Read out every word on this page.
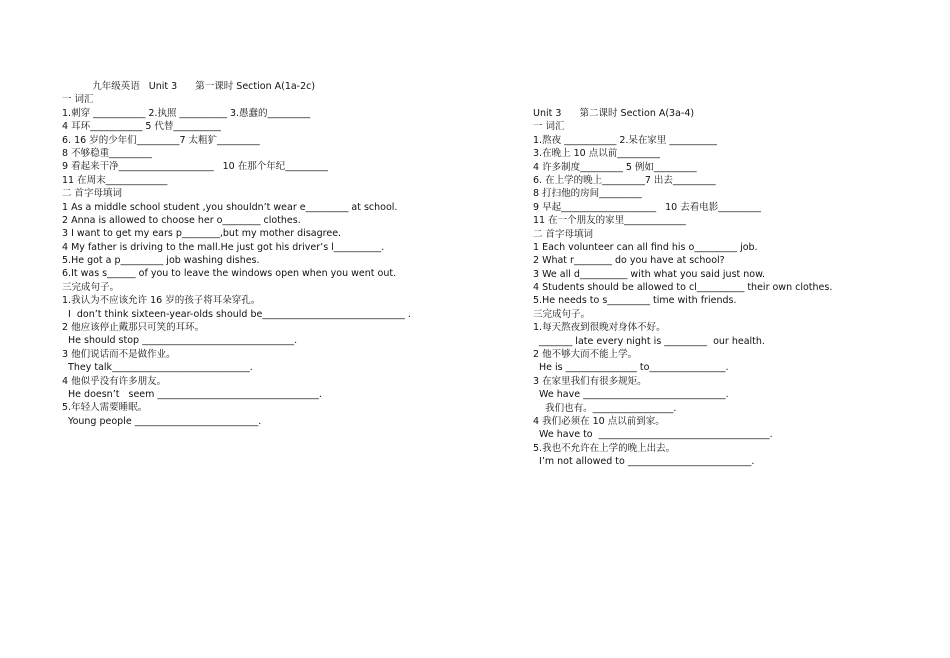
九年级英语   Unit 3      第一课时 Section A(1a-2c)
一 词汇
1.刺穿 ___________ 2.执照 __________ 3.愚蠢的_________
4 耳环___________ 5 代替__________
6. 16 岁的少年们_________7 太粗犷_________
8 不够稳重_________
9 看起来干净____________________   10 在那个年纪_________
11 在周末_____________
二 首字母填词
1 As a middle school student ,you shouldn’t wear e_________ at school.
2 Anna is allowed to choose her o________ clothes.
3 I want to get my ears p________,but my mother disagree.
4 My father is driving to the mall.He just got his driver’s l__________.
5.He got a p_________ job washing dishes.
6.It was s______ of you to leave the windows open when you went out.
三完成句子。
1.我认为不应该允许 16 岁的孩子将耳朵穿孔。
I  don’t think sixteen-year-olds should be______________________________ .
2 他应该停止戴那只可笑的耳环。
He should stop ________________________________.
3 他们说话而不是做作业。
They talk_____________________________.
4 他似乎没有许多朋友。
He doesn’t   seem __________________________________.
5.年轻人需要睡眠。
Young people __________________________.
Unit 3      第二课时 Section A(3a-4)
一 词汇
1.熬夜 ___________ 2.呆在家里 __________
3.在晚上 10 点以前_________
4 许多制度_________ 5 例如_________
6. 在上学的晚上_________7 出去_________
8 打扫他的房间_________
9 早起____________________   10 去看电影_________
11 在一个朋友的家里_____________
二 首字母填词
1 Each volunteer can all find his o_________ job.
2 What r________ do you have at school?
3 We all d__________ with what you said just now.
4 Students should be allowed to cl__________ their own clothes.
5.He needs to s_________ time with friends.
三完成句子。
1.每天熬夜到很晚对身体不好。
_______ late every night is _________  our health.
2 他不够大而不能上学。
He is _______________ to________________.
3 在家里我们有很多规矩。
We have ______________________________.
我们也有。_________________.
4 我们必须在 10 点以前到家。
We have to  ____________________________________.
5.我也不允许在上学的晚上出去。
I’m not allowed to __________________________.
